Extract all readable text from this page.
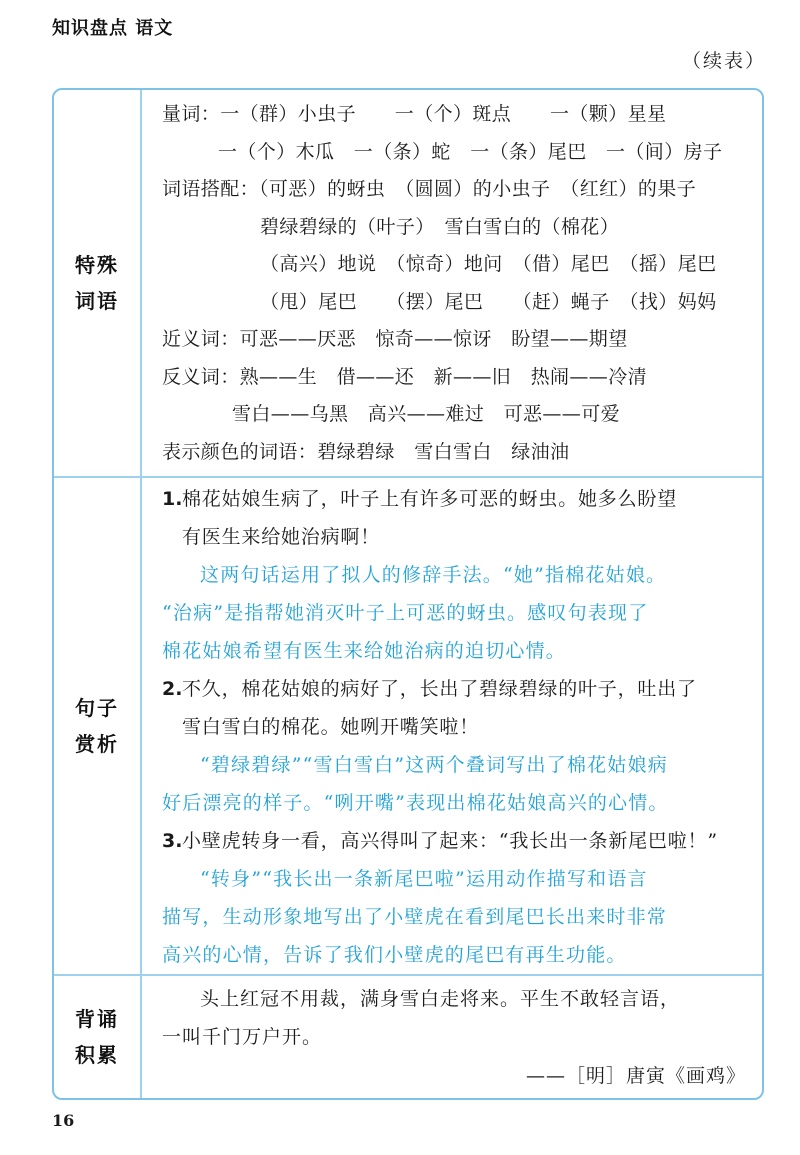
知识盘点 语文
（续表）
特殊
词语
量词：一（群）小虫子　　一（个）斑点　　一（颗）星星
一（个）木瓜　一（条）蛇　一（条）尾巴　一（间）房子
词语搭配：（可恶）的蚜虫　（圆圆）的小虫子　（红红）的果子
碧绿碧绿的（叶子）　雪白雪白的（棉花）
（高兴）地说　（惊奇）地问　（借）尾巴　（摇）尾巴
（甩）尾巴　　（摆）尾巴　　（赶）蝇子　（找）妈妈
近义词：可恶——厌恶　惊奇——惊讶　盼望——期望
反义词：熟——生　借——还　新——旧　热闹——冷清
雪白——乌黑　高兴——难过　可恶——可爱
表示颜色的词语：碧绿碧绿　雪白雪白　绿油油
句子
赏析
1. 棉花姑娘生病了，叶子上有许多可恶的蚜虫。她多么盼望
有医生来给她治病啊！
这两句话运用了拟人的修辞手法。“她”指棉花姑娘。
“治病”是指帮她消灭叶子上可恶的蚜虫。感叹句表现了
棉花姑娘希望有医生来给她治病的迫切心情。
2. 不久，棉花姑娘的病好了，长出了碧绿碧绿的叶子，吐出了
雪白雪白的棉花。她咧开嘴笑啦！
“碧绿碧绿”“雪白雪白”这两个叠词写出了棉花姑娘病
好后漂亮的样子。“咧开嘴”表现出棉花姑娘高兴的心情。
3. 小壁虎转身一看，高兴得叫了起来：“我长出一条新尾巴啦！”
“转身”“我长出一条新尾巴啦”运用动作描写和语言
描写，生动形象地写出了小壁虎在看到尾巴长出来时非常
高兴的心情，告诉了我们小壁虎的尾巴有再生功能。
背诵
积累
头上红冠不用裁，满身雪白走将来。平生不敢轻言语，
一叫千门万户开。
——［明］唐寅《画鸡》
16
